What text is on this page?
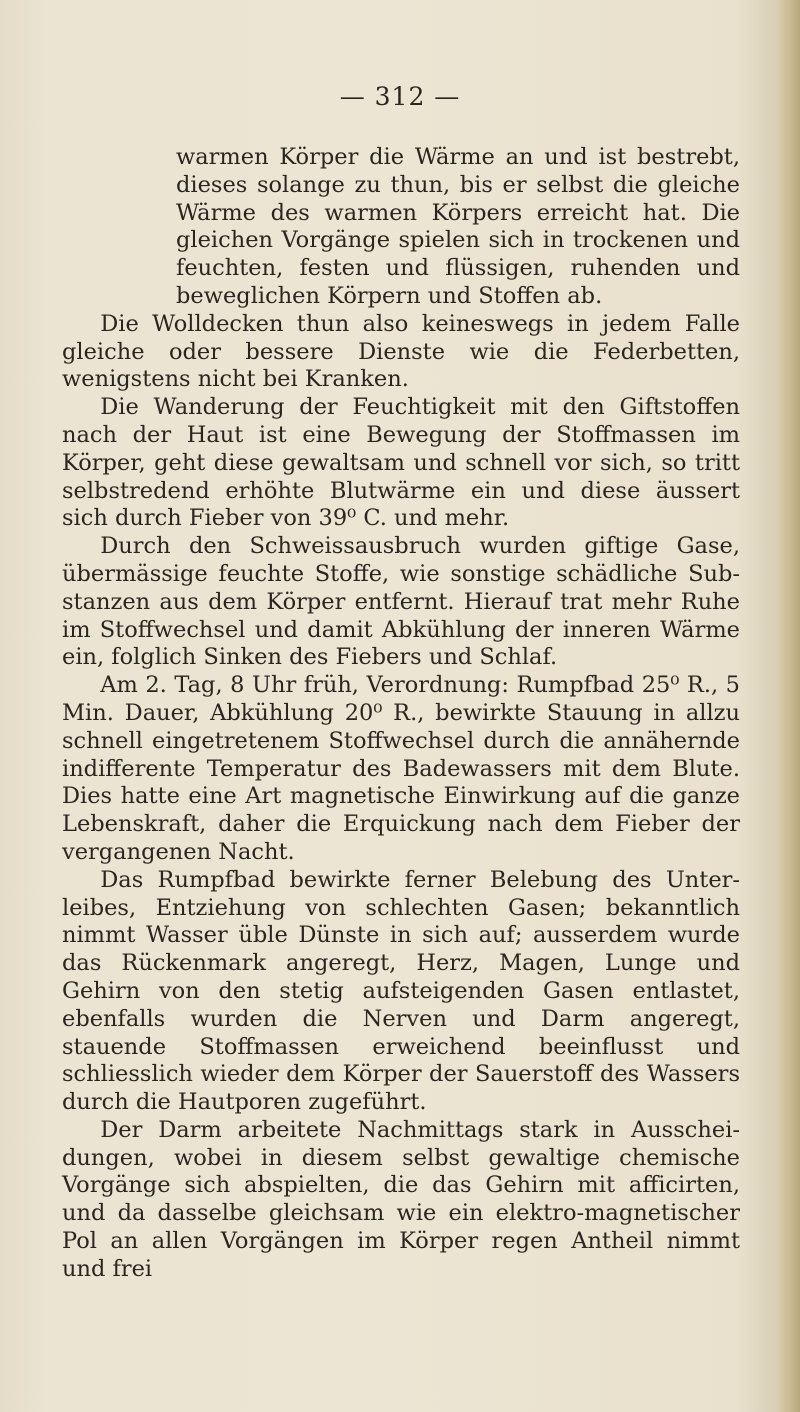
— 312 —

warmen Körper die Wärme an und ist bestrebt, dieses solange zu thun, bis er selbst die gleiche Wärme des warmen Körpers erreicht hat. Die gleichen Vorgänge spielen sich in trockenen und feuchten, festen und flüssigen, ruhenden und beweglichen Körpern und Stoffen ab.

Die Wolldecken thun also keineswegs in jedem Falle gleiche oder bessere Dienste wie die Federbetten, wenigstens nicht bei Kranken.

Die Wanderung der Feuchtigkeit mit den Giftstoffen nach der Haut ist eine Bewegung der Stoffmassen im Körper, geht diese gewaltsam und schnell vor sich, so tritt selbstredend erhöhte Blutwärme ein und diese äussert sich durch Fieber von 39⁰ C. und mehr.

Durch den Schweissausbruch wurden giftige Gase, übermässige feuchte Stoffe, wie sonstige schädliche Substanzen aus dem Körper entfernt. Hierauf trat mehr Ruhe im Stoffwechsel und damit Abkühlung der inneren Wärme ein, folglich Sinken des Fiebers und Schlaf.

Am 2. Tag, 8 Uhr früh, Verordnung: Rumpfbad 25⁰ R., 5 Min. Dauer, Abkühlung 20⁰ R., bewirkte Stauung in allzu schnell eingetretenem Stoffwechsel durch die annähernde indifferente Temperatur des Badewassers mit dem Blute. Dies hatte eine Art magnetische Einwirkung auf die ganze Lebenskraft, daher die Erquickung nach dem Fieber der vergangenen Nacht.

Das Rumpfbad bewirkte ferner Belebung des Unterleibes, Entziehung von schlechten Gasen; bekanntlich nimmt Wasser üble Dünste in sich auf; ausserdem wurde das Rückenmark angeregt, Herz, Magen, Lunge und Gehirn von den stetig aufsteigenden Gasen entlastet, ebenfalls wurden die Nerven und Darm angeregt, stauende Stoffmassen erweichend beeinflusst und schliesslich wieder dem Körper der Sauerstoff des Wassers durch die Hautporen zugeführt.

Der Darm arbeitete Nachmittags stark in Ausscheidungen, wobei in diesem selbst gewaltige chemische Vorgänge sich abspielten, die das Gehirn mit afficirten, und da dasselbe gleichsam wie ein elektro-magnetischer Pol an allen Vorgängen im Körper regen Antheil nimmt und frei
